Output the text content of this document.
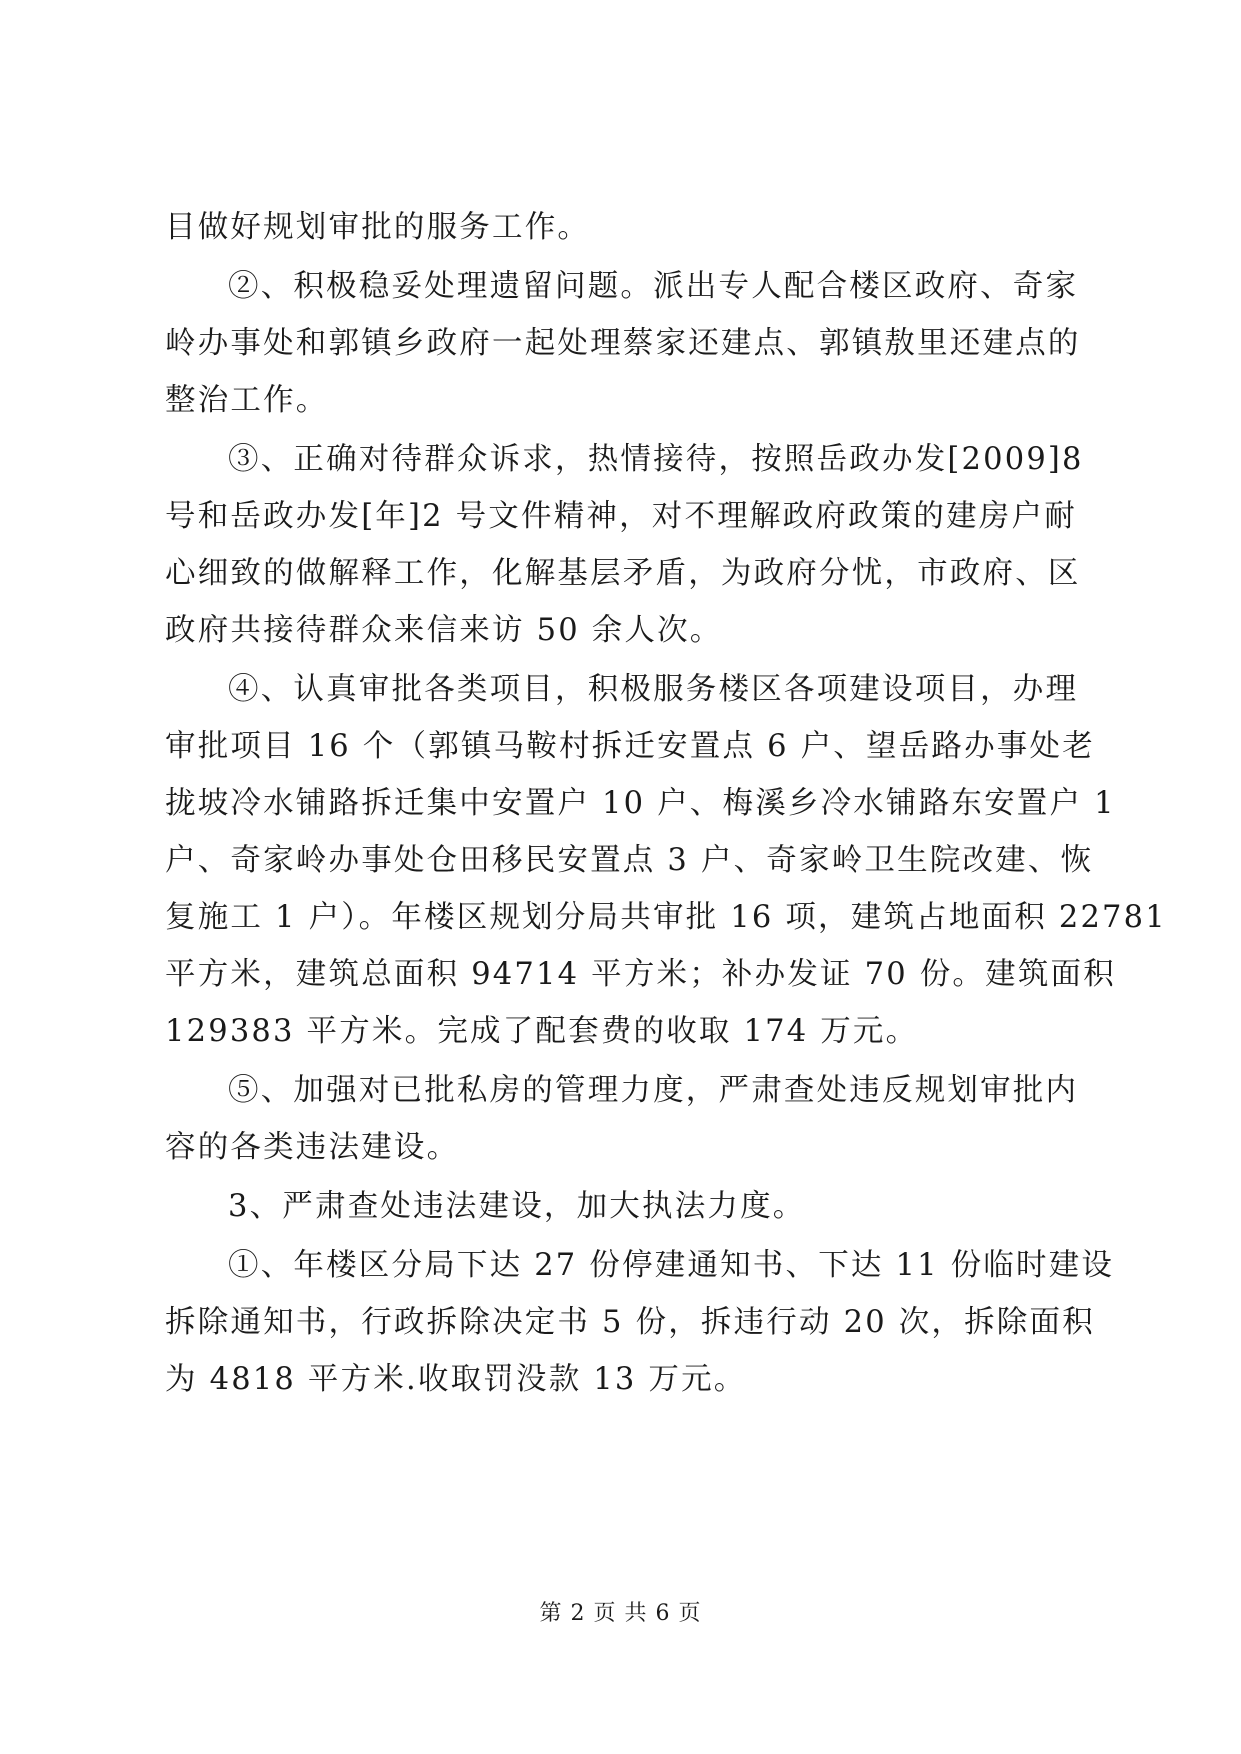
目做好规划审批的服务工作。
②、积极稳妥处理遗留问题。派出专人配合楼区政府、奇家
岭办事处和郭镇乡政府一起处理蔡家还建点、郭镇敖里还建点的
整治工作。
③、正确对待群众诉求，热情接待，按照岳政办发[2009]8
号和岳政办发[年]2 号文件精神，对不理解政府政策的建房户耐
心细致的做解释工作，化解基层矛盾，为政府分忧，市政府、区
政府共接待群众来信来访 50 余人次。
④、认真审批各类项目，积极服务楼区各项建设项目，办理
审批项目 16 个（郭镇马鞍村拆迁安置点 6 户、望岳路办事处老
拢坡冷水铺路拆迁集中安置户 10 户、梅溪乡冷水铺路东安置户 1
户、奇家岭办事处仓田移民安置点 3 户、奇家岭卫生院改建、恢
复施工 1 户）。年楼区规划分局共审批 16 项，建筑占地面积 22781
平方米，建筑总面积 94714 平方米；补办发证 70 份。建筑面积
129383 平方米。完成了配套费的收取 174 万元。
⑤、加强对已批私房的管理力度，严肃查处违反规划审批内
容的各类违法建设。
3、严肃查处违法建设，加大执法力度。
①、年楼区分局下达 27 份停建通知书、下达 11 份临时建设
拆除通知书，行政拆除决定书 5 份，拆违行动 20 次，拆除面积
为 4818 平方米.收取罚没款 13 万元。
第 2 页 共 6 页
